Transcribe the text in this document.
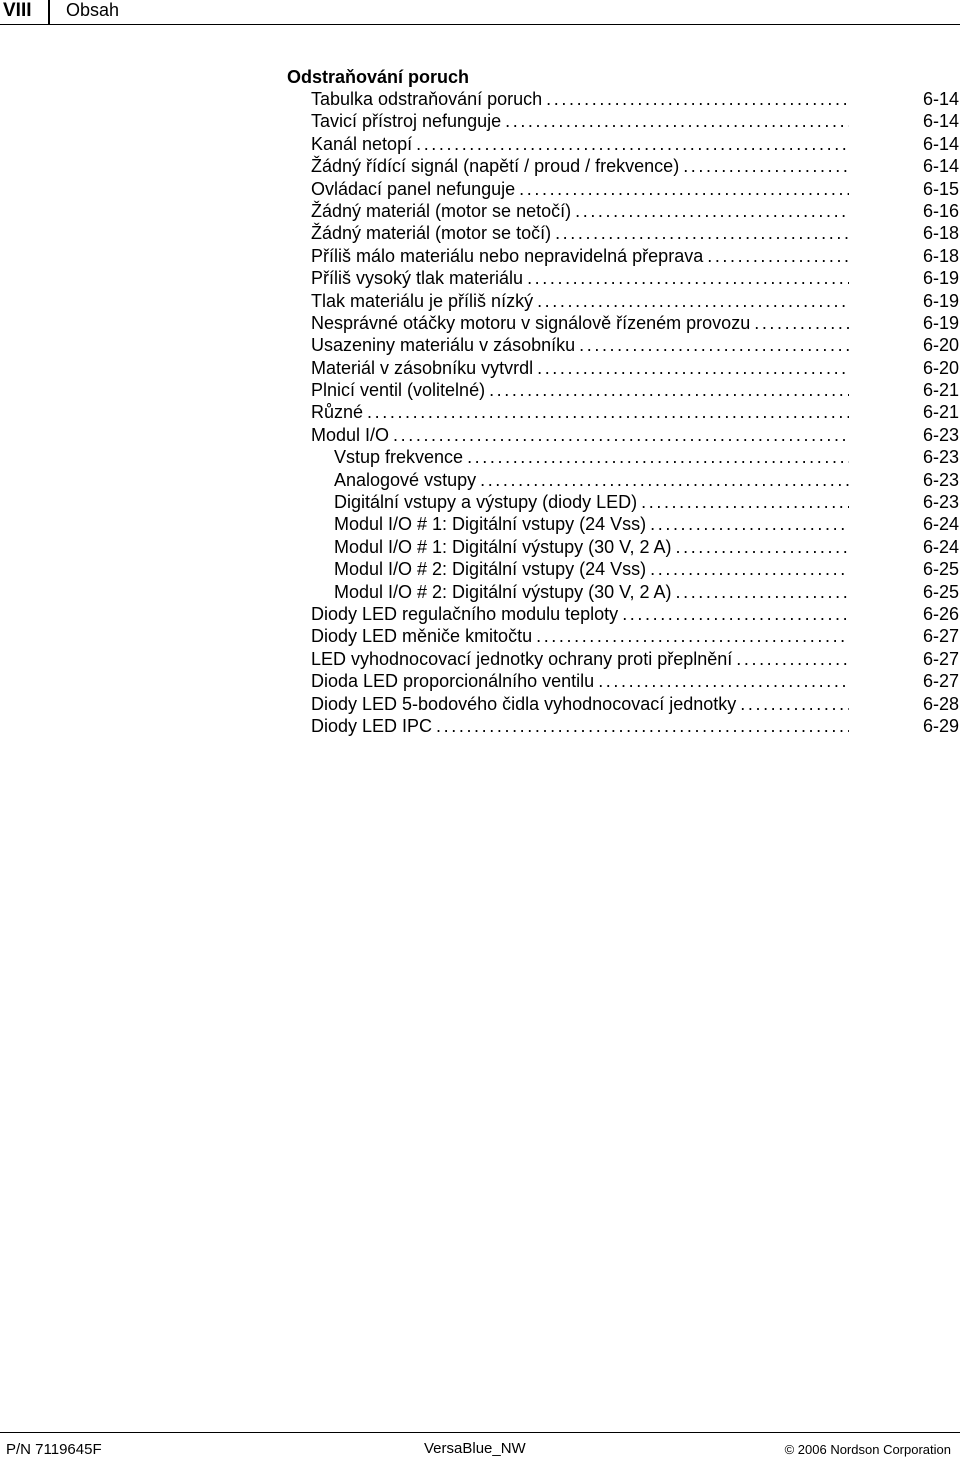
VIII	Obsah
Odstraňování poruch
Tabulka odstraňování poruch . . .	6-14
Tavicí přístroj nefunguje . . .	6-14
Kanál netopí . . .	6-14
Žádný řídící signál (napětí / proud / frekvence) . . .	6-14
Ovládací panel nefunguje . . .	6-15
Žádný materiál (motor se netočí) . . .	6-16
Žádný materiál (motor se točí) . . .	6-18
Příliš málo materiálu nebo nepravidelná přeprava . . .	6-18
Příliš vysoký tlak materiálu . . .	6-19
Tlak materiálu je příliš nízký . . .	6-19
Nesprávné otáčky motoru v signálově řízeném provozu . . .	6-19
Usazeniny materiálu v zásobníku . . .	6-20
Materiál v zásobníku vytvrdl . . .	6-20
Plnicí ventil (volitelné) . . .	6-21
Různé . . .	6-21
Modul I/O . . .	6-23
Vstup frekvence . . .	6-23
Analogové vstupy . . .	6-23
Digitální vstupy a výstupy (diody LED) . . .	6-23
Modul I/O # 1: Digitální vstupy (24 Vss) . . .	6-24
Modul I/O # 1: Digitální výstupy (30 V, 2 A) . . .	6-24
Modul I/O # 2: Digitální vstupy (24 Vss) . . .	6-25
Modul I/O # 2: Digitální výstupy (30 V, 2 A) . . .	6-25
Diody LED regulačního modulu teploty . . .	6-26
Diody LED měniče kmitočtu . . .	6-27
LED vyhodnocovací jednotky ochrany proti přeplnění . . .	6-27
Dioda LED proporcionálního ventilu . . .	6-27
Diody LED 5-bodového čidla vyhodnocovací jednotky . . .	6-28
Diody LED IPC . . .	6-29
P/N 7119645F	VersaBlue_NW	© 2006 Nordson Corporation
